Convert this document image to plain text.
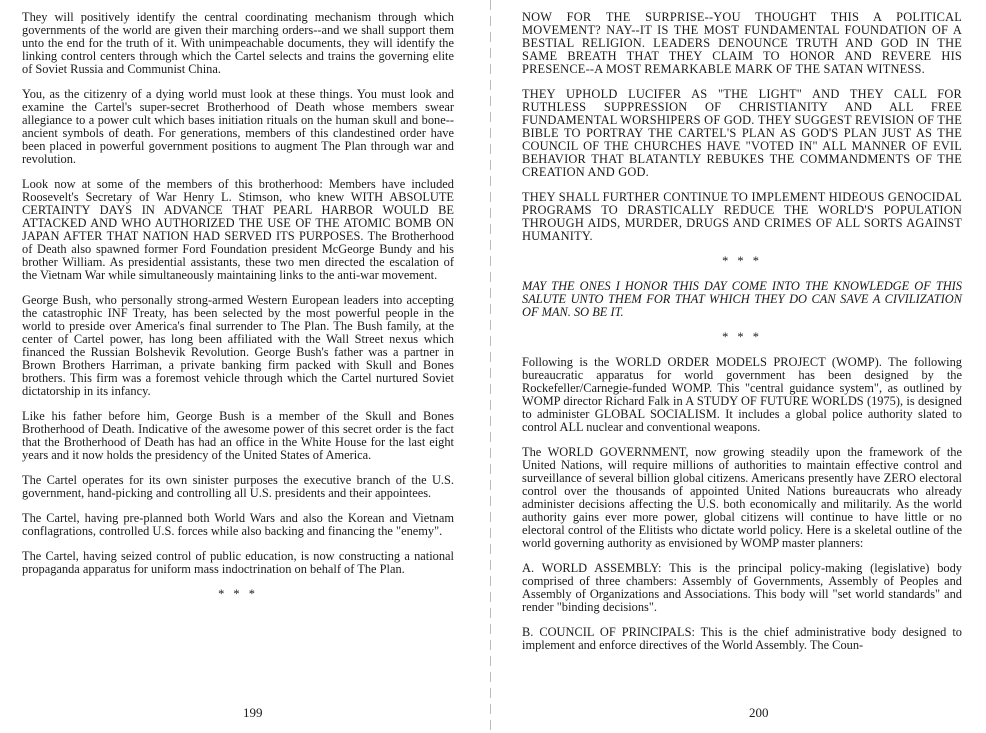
They will positively identify the central coordinating mechanism through which governments of the world are given their marching orders--and we shall support them unto the end for the truth of it. With unimpeachable documents, they will identify the linking control centers through which the Cartel selects and trains the governing elite of Soviet Russia and Communist China.

You, as the citizenry of a dying world must look at these things. You must look and examine the Cartel's super-secret Brotherhood of Death whose members swear allegiance to a power cult which bases initiation rituals on the human skull and bone--ancient symbols of death. For generations, members of this clandestined order have been placed in powerful government positions to augment The Plan through war and revolution.

Look now at some of the members of this brotherhood: Members have included Roosevelt's Secretary of War Henry L. Stimson, who knew WITH ABSOLUTE CERTAINTY DAYS IN ADVANCE THAT PEARL HARBOR WOULD BE ATTACKED AND WHO AUTHORIZED THE USE OF THE ATOMIC BOMB ON JAPAN AFTER THAT NATION HAD SERVED ITS PURPOSES. The Brotherhood of Death also spawned former Ford Foundation president McGeorge Bundy and his brother William. As presidential assistants, these two men directed the escalation of the Vietnam War while simultaneously maintaining links to the anti-war movement.

George Bush, who personally strong-armed Western European leaders into accepting the catastrophic INF Treaty, has been selected by the most powerful people in the world to preside over America's final surrender to The Plan. The Bush family, at the center of Cartel power, has long been affiliated with the Wall Street nexus which financed the Russian Bolshevik Revolution. George Bush's father was a partner in Brown Brothers Harriman, a private banking firm packed with Skull and Bones brothers. This firm was a foremost vehicle through which the Cartel nurtured Soviet dictatorship in its infancy.

Like his father before him, George Bush is a member of the Skull and Bones Brotherhood of Death. Indicative of the awesome power of this secret order is the fact that the Brotherhood of Death has had an office in the White House for the last eight years and it now holds the presidency of the United States of America.

The Cartel operates for its own sinister purposes the executive branch of the U.S. government, hand-picking and controlling all U.S. presidents and their appointees.

The Cartel, having pre-planned both World Wars and also the Korean and Vietnam conflagrations, controlled U.S. forces while also backing and financing the "enemy".

The Cartel, having seized control of public education, is now constructing a national propaganda apparatus for uniform mass indoctrination on behalf of The Plan.

* * *
199

NOW FOR THE SURPRISE--YOU THOUGHT THIS A POLITICAL MOVEMENT? NAY--IT IS THE MOST FUNDAMENTAL FOUNDATION OF A BESTIAL RELIGION. LEADERS DENOUNCE TRUTH AND GOD IN THE SAME BREATH THAT THEY CLAIM TO HONOR AND REVERE HIS PRESENCE--A MOST REMARKABLE MARK OF THE SATAN WITNESS.

THEY UPHOLD LUCIFER AS "THE LIGHT" AND THEY CALL FOR RUTHLESS SUPPRESSION OF CHRISTIANITY AND ALL FREE FUNDAMENTAL WORSHIPERS OF GOD. THEY SUGGEST REVISION OF THE BIBLE TO PORTRAY THE CARTEL'S PLAN AS GOD'S PLAN JUST AS THE COUNCIL OF THE CHURCHES HAVE "VOTED IN" ALL MANNER OF EVIL BEHAVIOR THAT BLATANTLY REBUKES THE COMMANDMENTS OF THE CREATION AND GOD.

THEY SHALL FURTHER CONTINUE TO IMPLEMENT HIDEOUS GENOCIDAL PROGRAMS TO DRASTICALLY REDUCE THE WORLD'S POPULATION THROUGH AIDS, MURDER, DRUGS AND CRIMES OF ALL SORTS AGAINST HUMANITY.

* * *

MAY THE ONES I HONOR THIS DAY COME INTO THE KNOWLEDGE OF THIS SALUTE UNTO THEM FOR THAT WHICH THEY DO CAN SAVE A CIVILIZATION OF MAN. SO BE IT.

* * *

Following is the WORLD ORDER MODELS PROJECT (WOMP). The following bureaucratic apparatus for world government has been designed by the Rockefeller/Carnegie-funded WOMP. This "central guidance system", as outlined by WOMP director Richard Falk in A STUDY OF FUTURE WORLDS (1975), is designed to administer GLOBAL SOCIALISM. It includes a global police authority slated to control ALL nuclear and conventional weapons.

The WORLD GOVERNMENT, now growing steadily upon the framework of the United Nations, will require millions of authorities to maintain effective control and surveillance of several billion global citizens. Americans presently have ZERO electoral control over the thousands of appointed United Nations bureaucrats who already administer decisions affecting the U.S. both economically and militarily. As the world authority gains ever more power, global citizens will continue to have little or no electoral control of the Elitists who dictate world policy. Here is a skeletal outline of the world governing authority as envisioned by WOMP master planners:

A. WORLD ASSEMBLY: This is the principal policy-making (legislative) body comprised of three chambers: Assembly of Governments, Assembly of Peoples and Assembly of Organizations and Associations. This body will "set world standards" and render "binding decisions".

B. COUNCIL OF PRINCIPALS: This is the chief administrative body designed to implement and enforce directives of the World Assembly. The Coun-

200
